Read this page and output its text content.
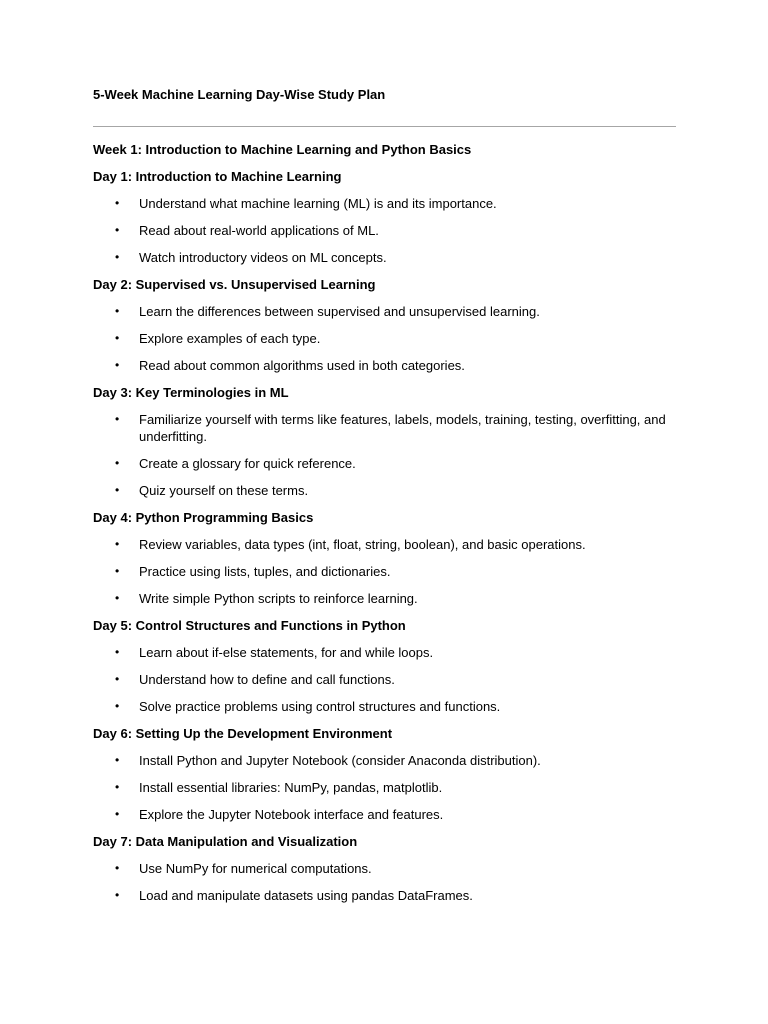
5-Week Machine Learning Day-Wise Study Plan

Week 1: Introduction to Machine Learning and Python Basics

Day 1: Introduction to Machine Learning

• Understand what machine learning (ML) is and its importance.
• Read about real-world applications of ML.
• Watch introductory videos on ML concepts.

Day 2: Supervised vs. Unsupervised Learning

• Learn the differences between supervised and unsupervised learning.
• Explore examples of each type.
• Read about common algorithms used in both categories.

Day 3: Key Terminologies in ML

• Familiarize yourself with terms like features, labels, models, training, testing, overfitting, and underfitting.
• Create a glossary for quick reference.
• Quiz yourself on these terms.

Day 4: Python Programming Basics

• Review variables, data types (int, float, string, boolean), and basic operations.
• Practice using lists, tuples, and dictionaries.
• Write simple Python scripts to reinforce learning.

Day 5: Control Structures and Functions in Python

• Learn about if-else statements, for and while loops.
• Understand how to define and call functions.
• Solve practice problems using control structures and functions.

Day 6: Setting Up the Development Environment

• Install Python and Jupyter Notebook (consider Anaconda distribution).
• Install essential libraries: NumPy, pandas, matplotlib.
• Explore the Jupyter Notebook interface and features.

Day 7: Data Manipulation and Visualization

• Use NumPy for numerical computations.
• Load and manipulate datasets using pandas DataFrames.
